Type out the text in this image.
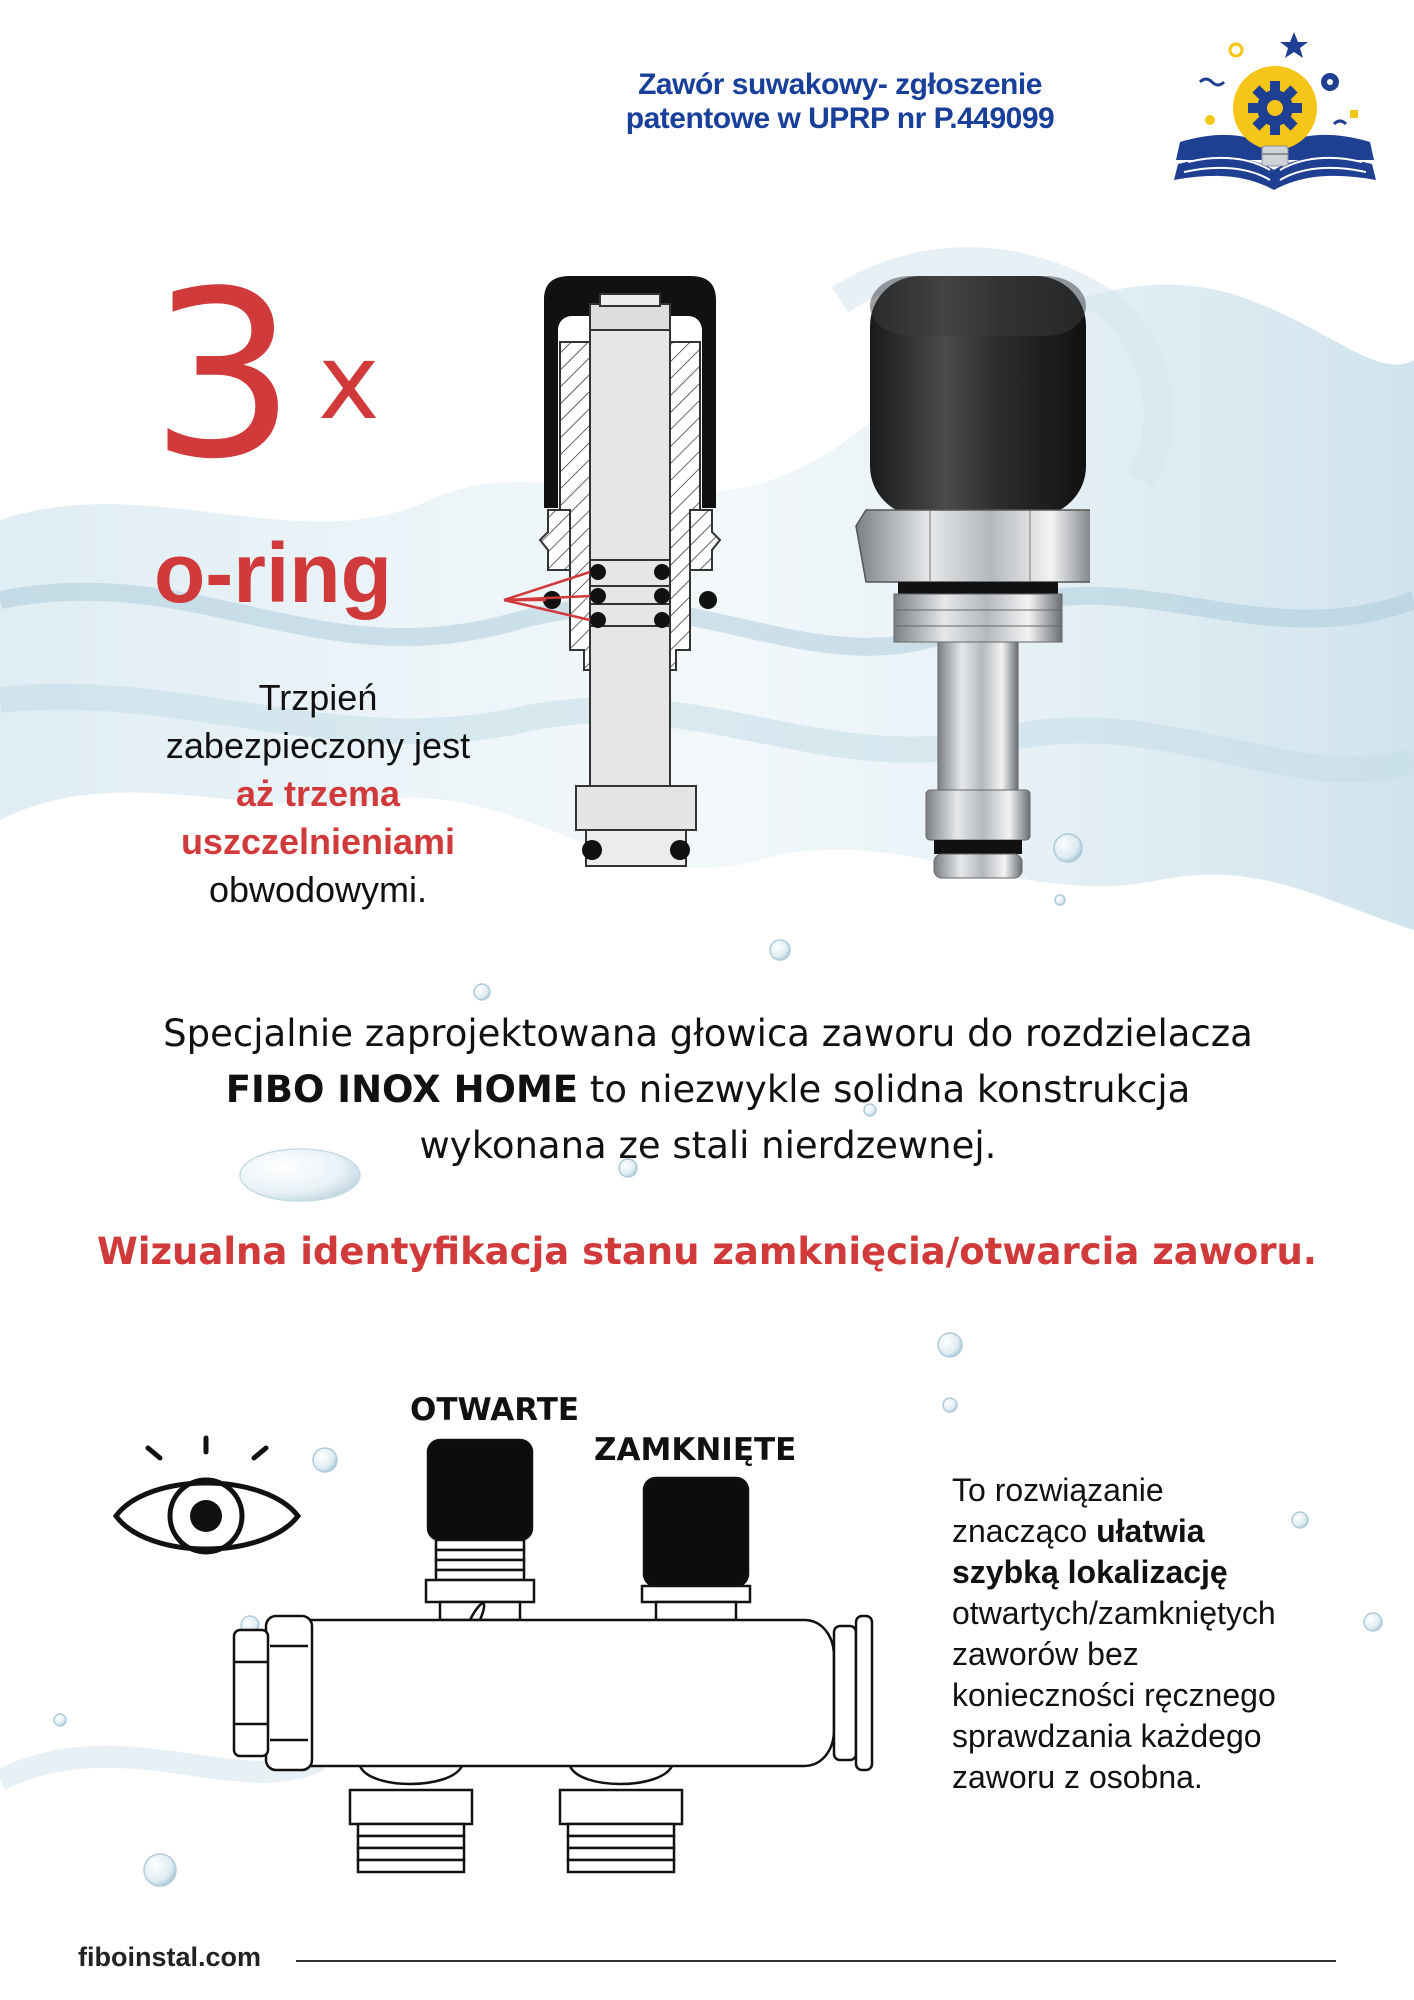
Zawór suwakowy- zgłoszenie
patentowe w UPRP nr P.449099
3 x
o-ring
Trzpień
zabezpieczony jest
aż trzema
uszczelnieniami
obwodowymi.
Specjalnie zaprojektowana głowica zaworu do rozdzielacza
FIBO INOX HOME to niezwykle solidna konstrukcja
wykonana ze stali nierdzewnej.
Wizualna identyfikacja stanu zamknięcia/otwarcia zaworu.
OTWARTE
ZAMKNIĘTE
To rozwiązanie
znacząco ułatwia
szybką lokalizację
otwartych/zamkniętych
zaworów bez
konieczności ręcznego
sprawdzania każdego
zaworu z osobna.
fiboinstal.com
